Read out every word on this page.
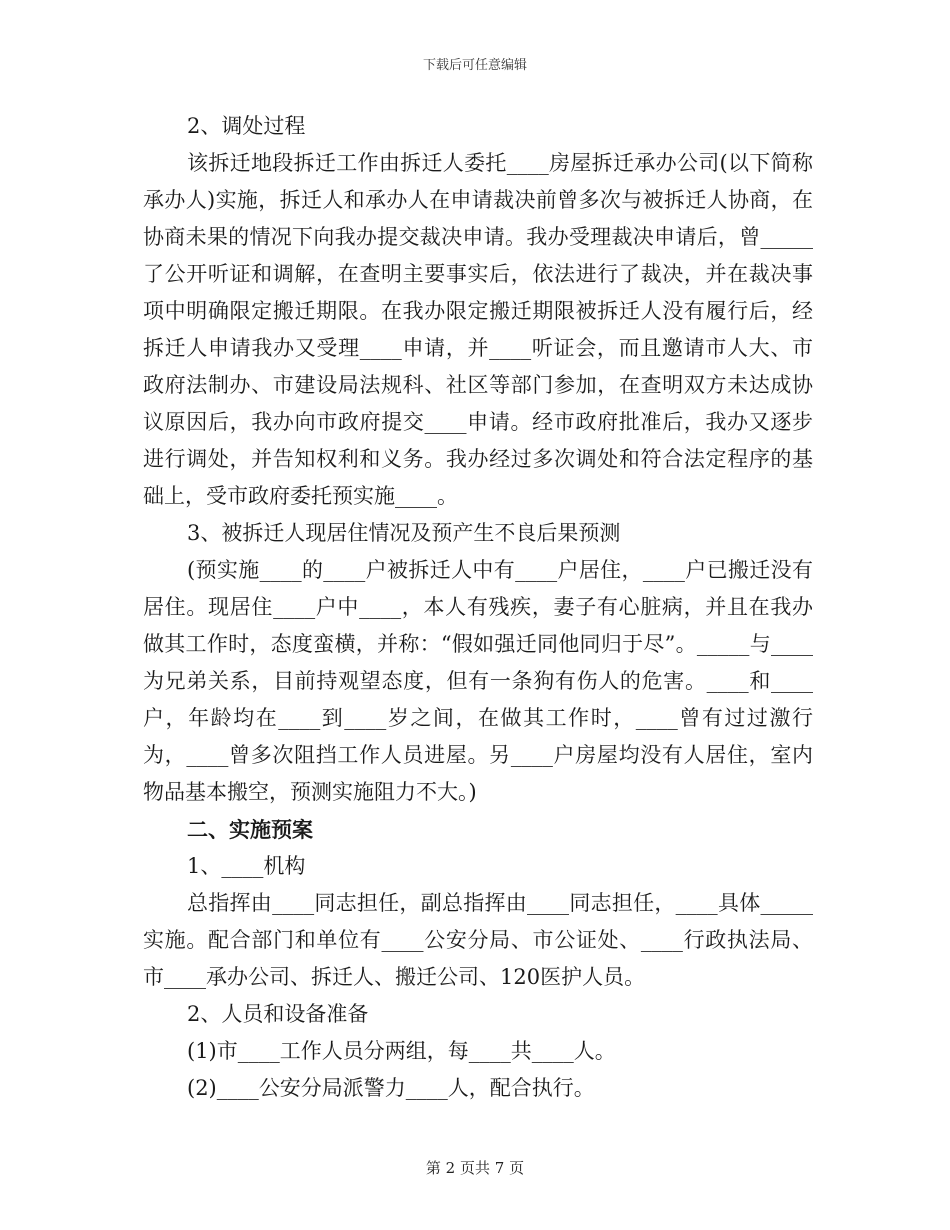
下载后可任意编辑

2、调处过程

该拆迁地段拆迁工作由拆迁人委托____房屋拆迁承办公司(以下简称承办人)实施，拆迁人和承办人在申请裁决前曾多次与被拆迁人协商，在协商未果的情况下向我办提交裁决申请。我办受理裁决申请后，曾_____了公开听证和调解，在查明主要事实后，依法进行了裁决，并在裁决事项中明确限定搬迁期限。在我办限定搬迁期限被拆迁人没有履行后，经拆迁人申请我办又受理____申请，并____听证会，而且邀请市人大、市政府法制办、市建设局法规科、社区等部门参加，在查明双方未达成协议原因后，我办向市政府提交____申请。经市政府批准后，我办又逐步进行调处，并告知权利和义务。我办经过多次调处和符合法定程序的基础上，受市政府委托预实施____。

3、被拆迁人现居住情况及预产生不良后果预测

(预实施____的____户被拆迁人中有____户居住，____户已搬迁没有居住。现居住____户中____，本人有残疾，妻子有心脏病，并且在我办做其工作时，态度蛮横，并称：“假如强迁同他同归于尽”。_____与____为兄弟关系，目前持观望态度，但有一条狗有伤人的危害。____和____户，年龄均在____到____岁之间，在做其工作时，____曾有过过激行为，____曾多次阻挡工作人员进屋。另____户房屋均没有人居住，室内物品基本搬空，预测实施阻力不大。)

二、实施预案

1、____机构

总指挥由____同志担任，副总指挥由____同志担任，____具体_____实施。配合部门和单位有____公安分局、市公证处、____行政执法局、市____承办公司、拆迁人、搬迁公司、120医护人员。

2、人员和设备准备

(1)市____工作人员分两组，每____共____人。

(2)____公安分局派警力____人，配合执行。

第 2 页共 7 页
